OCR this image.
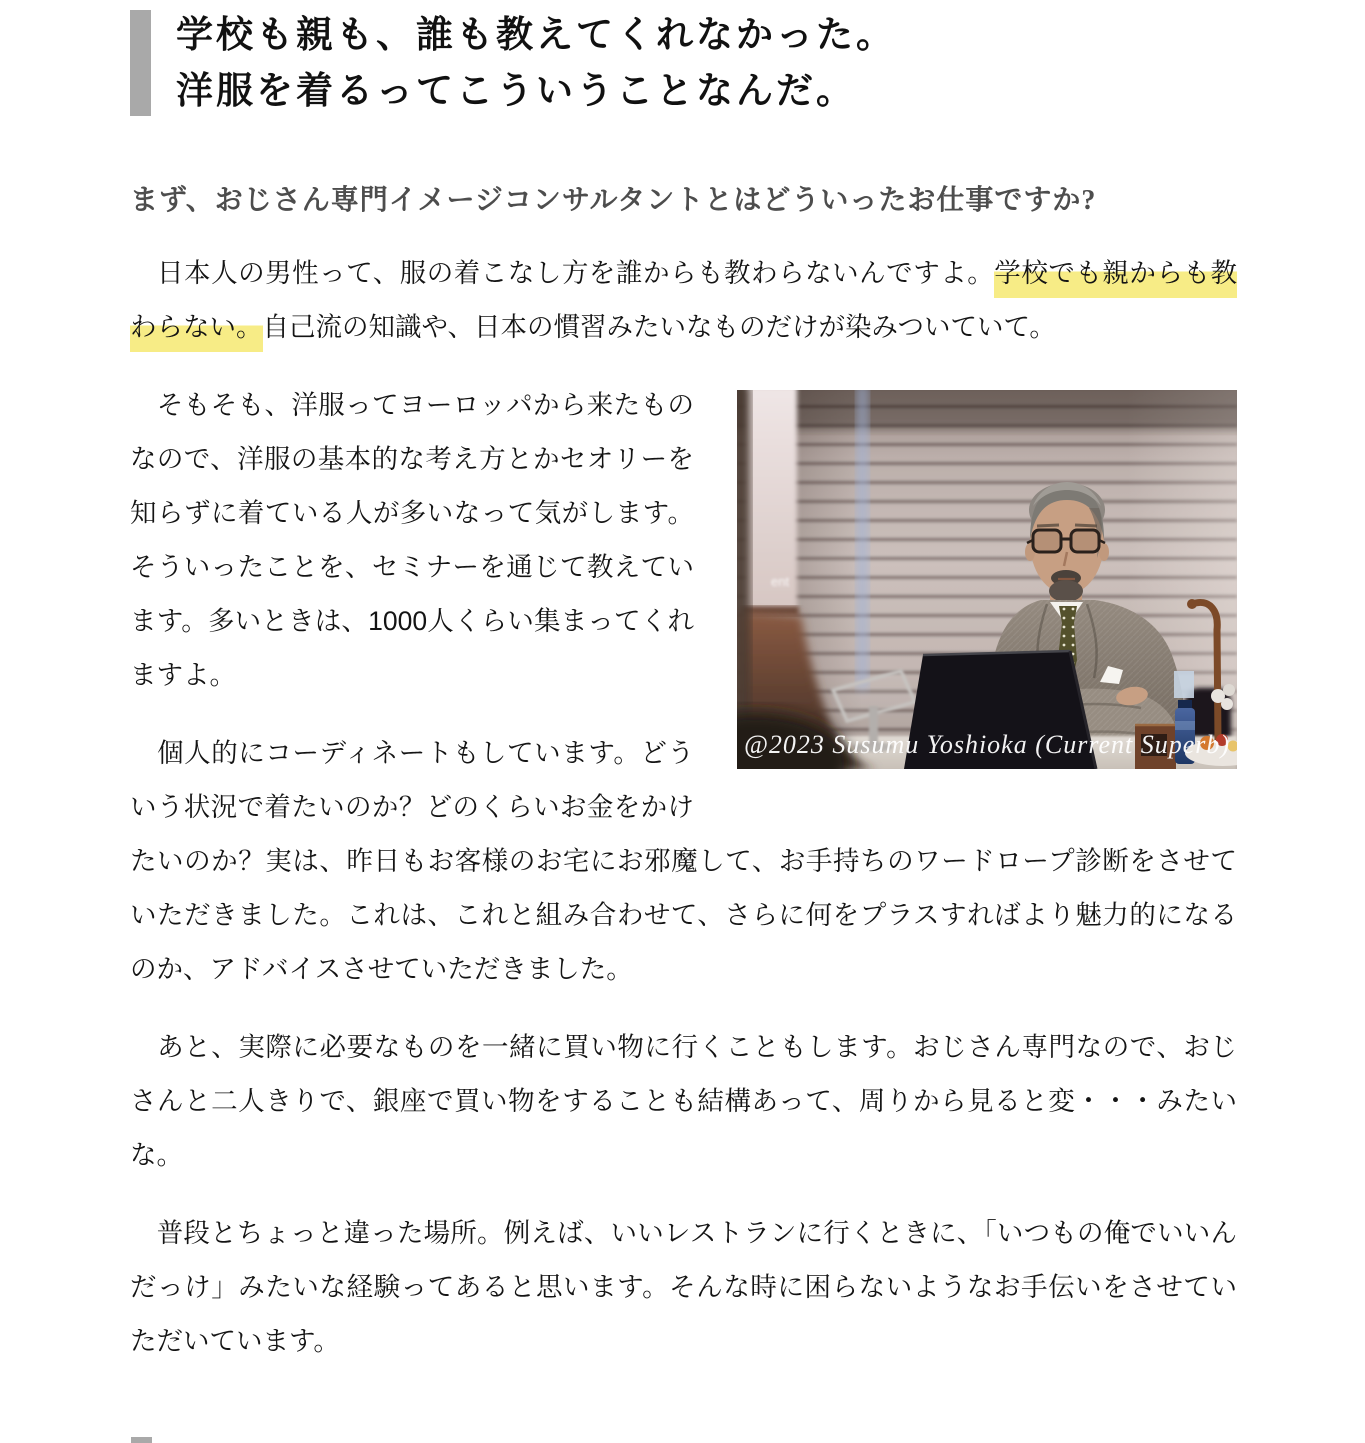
学校も親も、誰も教えてくれなかった。
洋服を着るってこういうことなんだ。
まず、おじさん専門イメージコンサルタントとはどういったお仕事ですか?

　日本人の男性って、服の着こなし方を誰からも教わらないんですよ。学校でも親からも教わらない。自己流の知識や、日本の慣習みたいなものだけが染みついていて。

ent
@2023 Susumu Yoshioka (Current Superb)

　そもそも、洋服ってヨーロッパから来たものなので、洋服の基本的な考え方とかセオリーを知らずに着ている人が多いなって気がします。そういったことを、セミナーを通じて教えています。多いときは、1000人くらい集まってくれますよ。

　個人的にコーディネートもしています。どういう状況で着たいのか？どのくらいお金をかけたいのか？実は、昨日もお客様のお宅にお邪魔して、お手持ちのワードロープ診断をさせていただきました。これは、これと組み合わせて、さらに何をプラスすればより魅力的になるのか、アドバイスさせていただきました。

　あと、実際に必要なものを一緒に買い物に行くこともします。おじさん専門なので、おじさんと二人きりで、銀座で買い物をすることも結構あって、周りから見ると変・・・みたいな。

　普段とちょっと違った場所。例えば、いいレストランに行くときに、「いつもの俺でいいんだっけ」みたいな経験ってあると思います。そんな時に困らないようなお手伝いをさせていただいています。
